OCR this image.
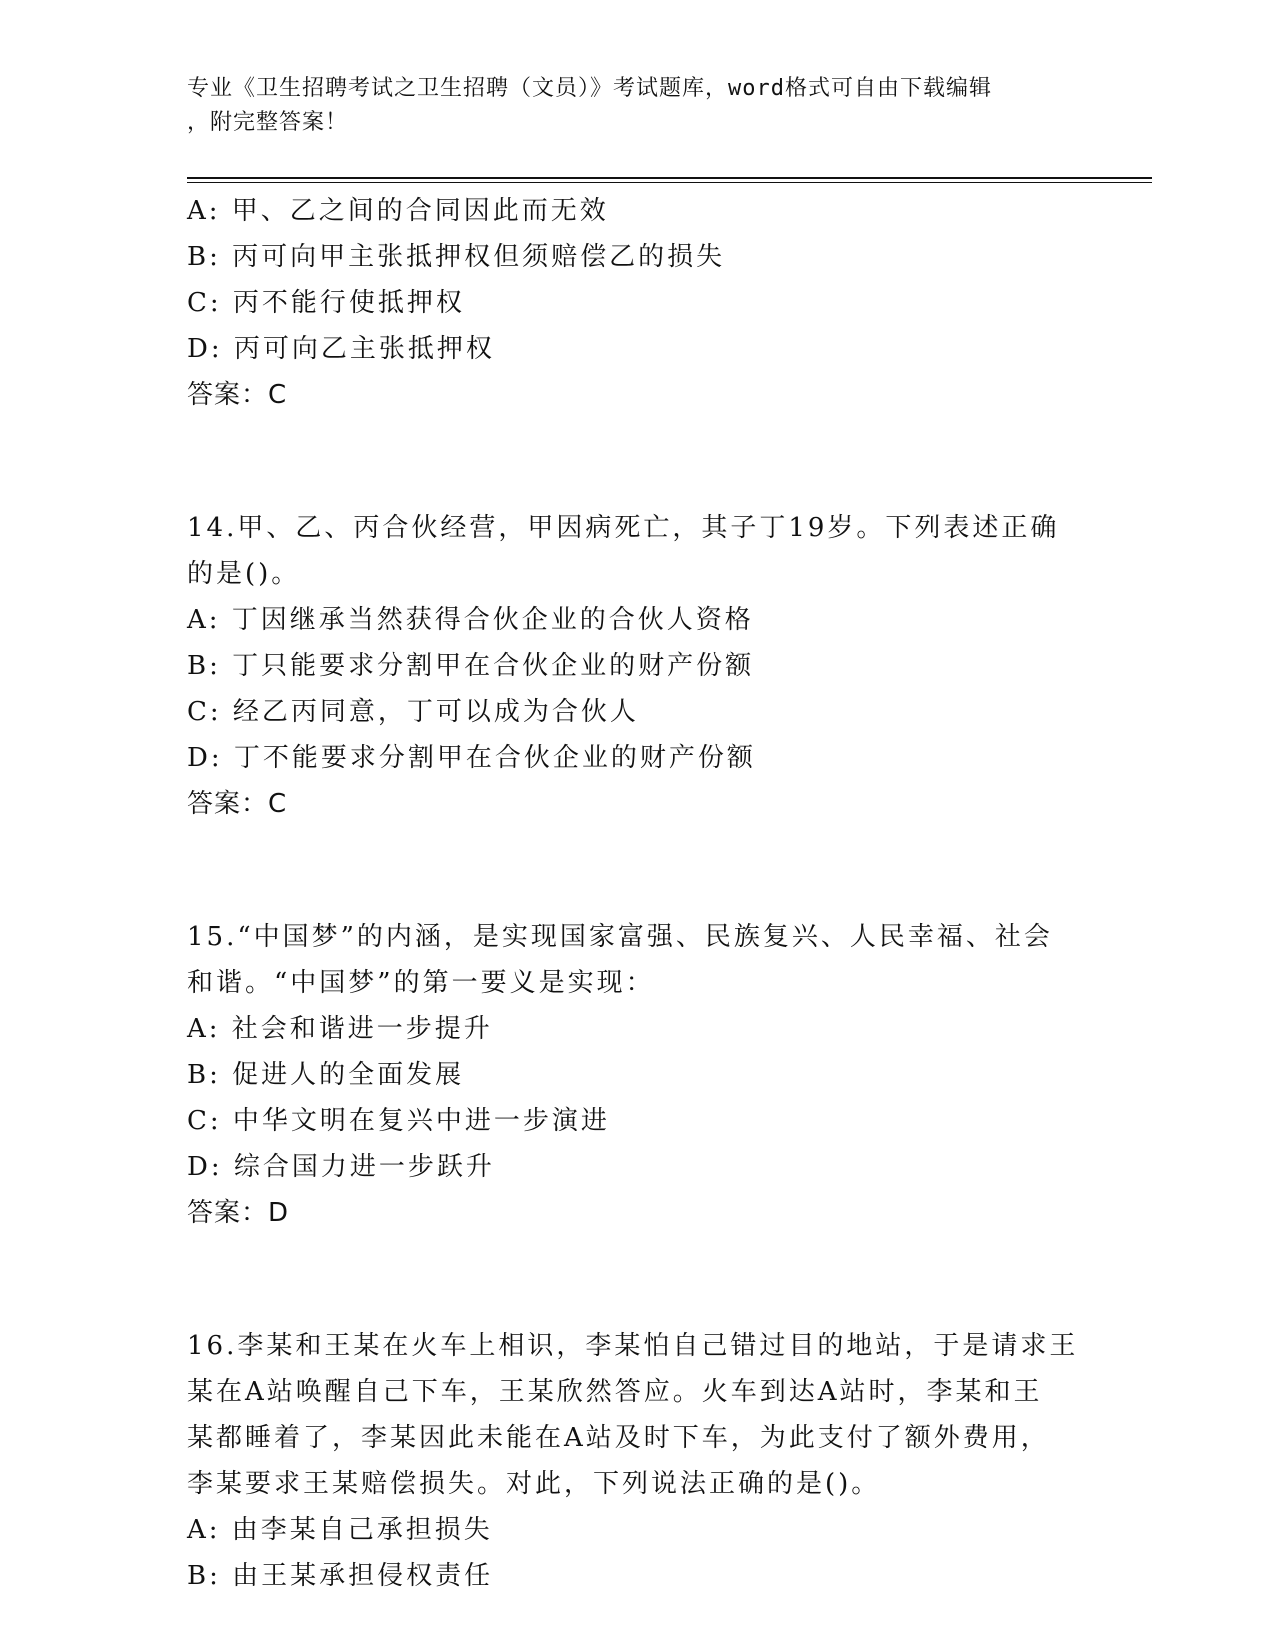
专业《卫生招聘考试之卫生招聘（文员）》考试题库，word格式可自由下载编辑
，附完整答案！
A: 甲、乙之间的合同因此而无效
B: 丙可向甲主张抵押权但须赔偿乙的损失
C: 丙不能行使抵押权
D: 丙可向乙主张抵押权
答案：C
14.甲、乙、丙合伙经营，甲因病死亡，其子丁19岁。下列表述正确
的是()。
A: 丁因继承当然获得合伙企业的合伙人资格
B: 丁只能要求分割甲在合伙企业的财产份额
C: 经乙丙同意，丁可以成为合伙人
D: 丁不能要求分割甲在合伙企业的财产份额
答案：C
15.“中国梦”的内涵，是实现国家富强、民族复兴、人民幸福、社会
和谐。“中国梦”的第一要义是实现：
A: 社会和谐进一步提升
B: 促进人的全面发展
C: 中华文明在复兴中进一步演进
D: 综合国力进一步跃升
答案：D
16.李某和王某在火车上相识，李某怕自己错过目的地站，于是请求王
某在A站唤醒自己下车，王某欣然答应。火车到达A站时，李某和王
某都睡着了，李某因此未能在A站及时下车，为此支付了额外费用，
李某要求王某赔偿损失。对此，下列说法正确的是()。
A: 由李某自己承担损失
B: 由王某承担侵权责任
